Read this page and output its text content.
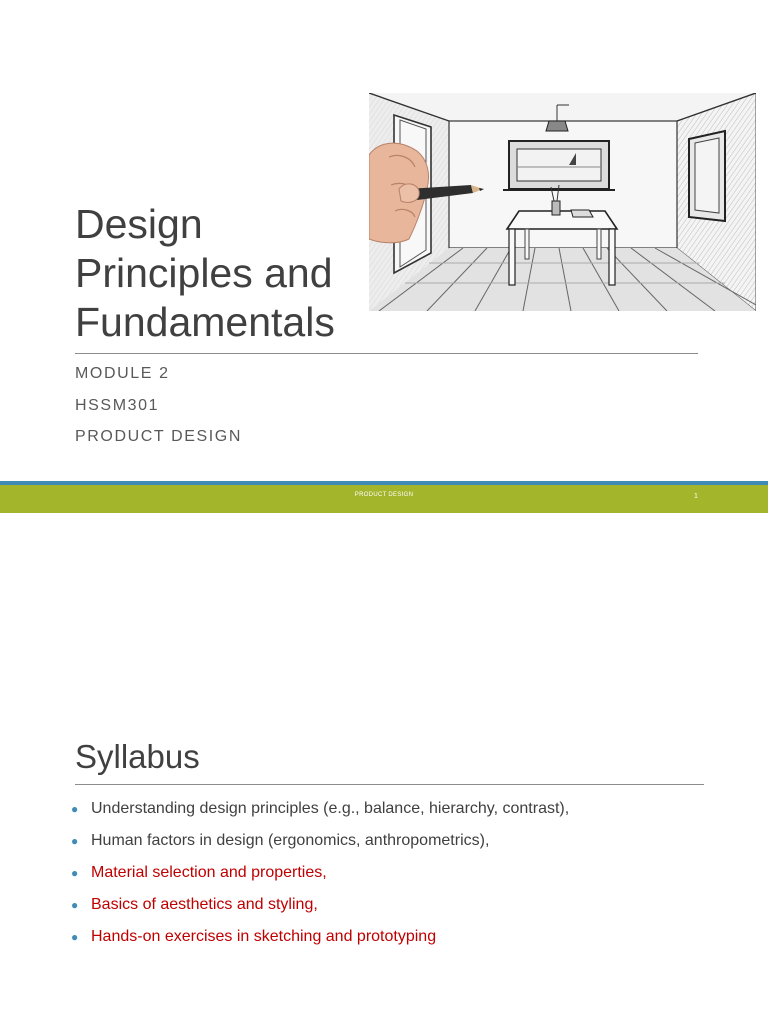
Design
Principles and
Fundamentals
MODULE 2
HSSM301
PRODUCT DESIGN
PRODUCT DESIGN	1
Syllabus
● Understanding design principles (e.g., balance, hierarchy, contrast),
● Human factors in design (ergonomics, anthropometrics),
● Material selection and properties,
● Basics of aesthetics and styling,
● Hands-on exercises in sketching and prototyping
